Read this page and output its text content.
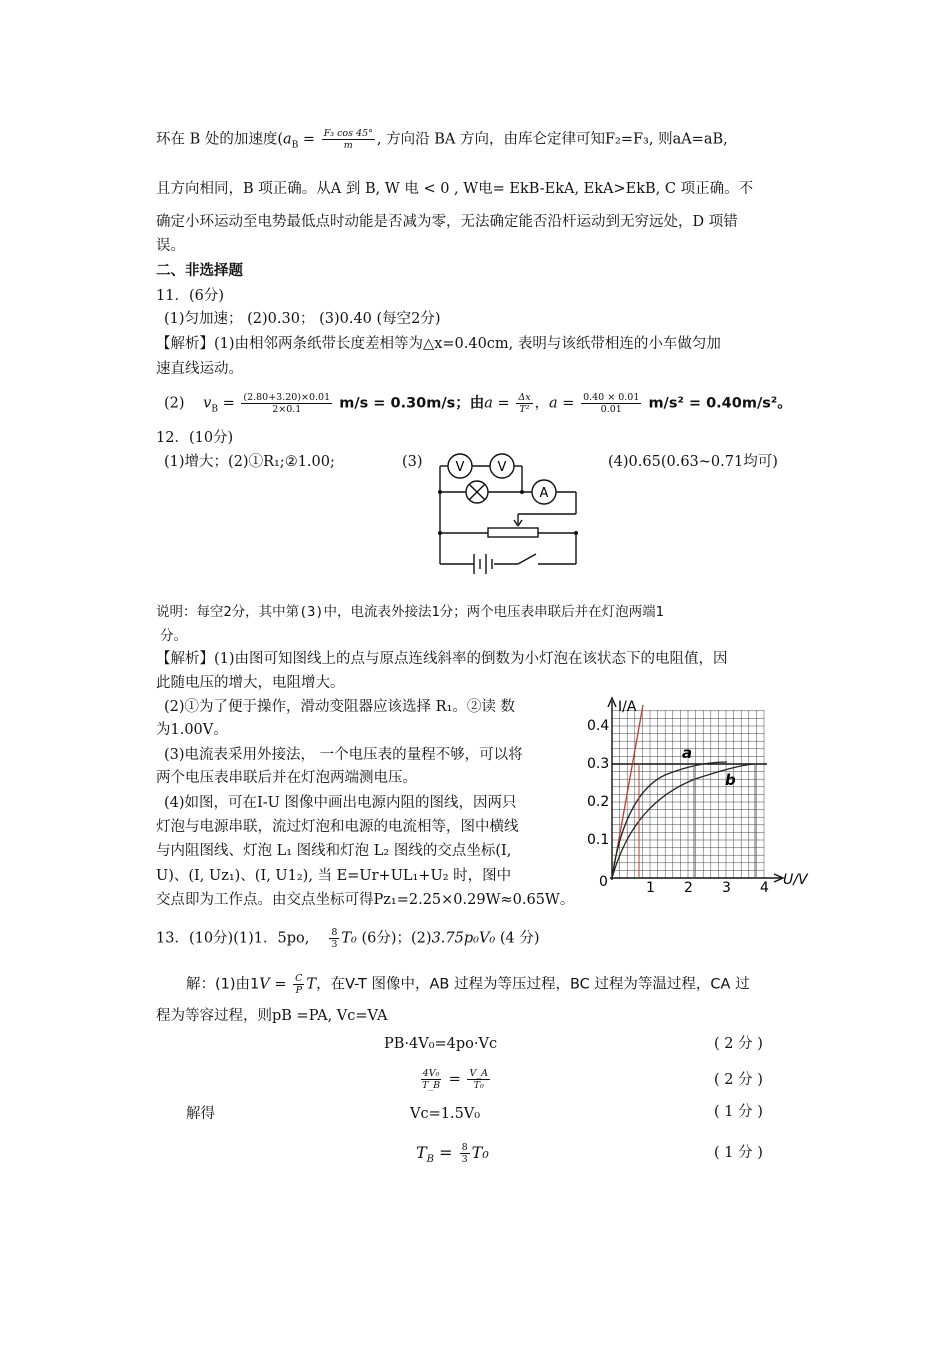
环在 B 处的加速度($a_B = \frac{\text{F₃ cos 45°}}{m}$ , 方向沿 BA 方向，由库仑定律可知F₂=F₃, 则aA=aB,
且方向相同，B 项正确。从A 到 B, W 电 < 0 , W电= EkB-EkA, EkA>EkB, C 项正确。不
确定小环运动至电势最低点时动能是否减为零，无法确定能否沿杆运动到无穷远处，D 项错
误。
二、非选择题
11．(6分)
(1)匀加速； (2)0.30； (3)0.40 (每空2分)
【解析】(1)由相邻两条纸带长度差相等为△x=0.40cm, 表明与该纸带相连的小车做匀加
速直线运动。
(2) $v_B = \frac{(2.80+3.20)\times 0.01}{2\times 0.1} m/s = 0.30m/s$；由$a = \frac{\Delta x}{\text{T²}}$ ，$a = \frac{0.40 \times 0.01}{0.01} m/s^2 = 0.40m/s^2$。
12．(10分)
(1)增大；(2)①R₁;②1.00;	(3)	(4)0.65(0.63~0.71均可)
V	V
A
说明：每空2分，其中第(3)中，电流表外接法1分；两个电压表串联后并在灯泡两端1
分。
【解析】(1)由图可知图线上的点与原点连线斜率的倒数为小灯泡在该状态下的电阻值，因
此随电压的增大，电阻增大。
(2)①为了便于操作，滑动变阻器应该选择 R₁。②读 数
为1.00V。
(3)电流表采用外接法， 一个电压表的量程不够，可以将
两个电压表串联后并在灯泡两端测电压。
(4)如图，可在I-U 图像中画出电源内阻的图线，因两只
灯泡与电源串联，流过灯泡和电源的电流相等，图中横线
与内阻图线、灯泡 L₁ 图线和灯泡 L₂ 图线的交点坐标(I,
U)、(I, Uz₁)、(I, U1₂), 当 E=Ur+UL₁+U₂ 时，图中
交点即为工作点。由交点坐标可得Pz₁=2.25×0.29W≈0.65W。
I/A
U/V
0.4
0.3
0.2
0.1
0	1 2 3 4
a
b
13．(10分)(1)1．5po, $\frac{8}{3} T_0$ (6分)；(2)3.75p₀V₀ (4 分)
解：(1)由$1V = \frac{C}{P}$ T，在V-T 图像中，AB 过程为等压过程，BC 过程为等温过程，CA 过
程为等容过程，则pB =PA, Vc=VA
PB·4V₀=4po·Vc	( 2 分 )
$\frac{\text{4V₀}}{T\_B} = \frac{V\_A}{\text{T₀}}$	( 2 分 )
解得	Vc=1.5V₀	( 1 分 )
$T_B = \frac{8}{3} T_0$	( 1 分 )
